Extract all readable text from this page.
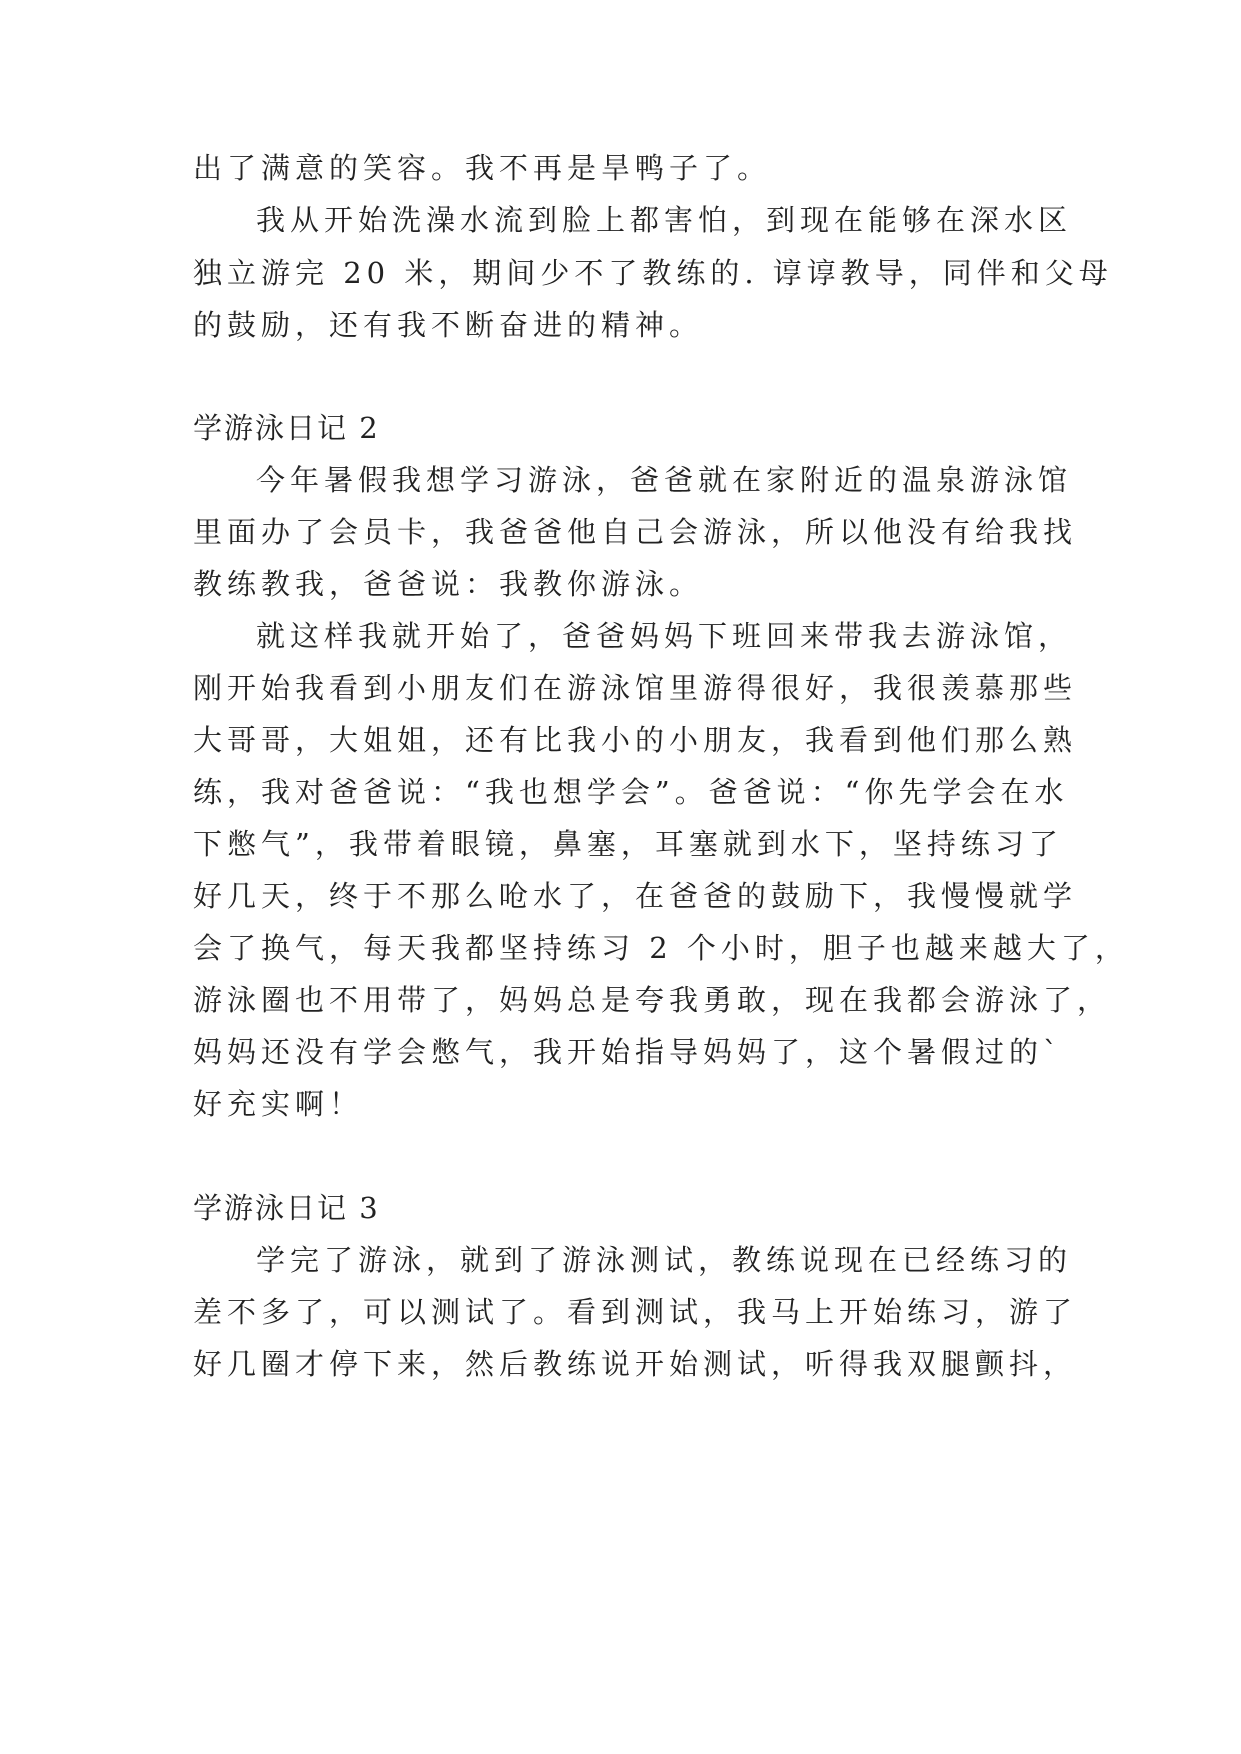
出了满意的笑容。我不再是旱鸭子了。
我从开始洗澡水流到脸上都害怕，到现在能够在深水区
独立游完 20 米，期间少不了教练的. 谆谆教导，同伴和父母
的鼓励，还有我不断奋进的精神。
学游泳日记 2
今年暑假我想学习游泳，爸爸就在家附近的温泉游泳馆
里面办了会员卡，我爸爸他自己会游泳，所以他没有给我找
教练教我，爸爸说：我教你游泳。
就这样我就开始了，爸爸妈妈下班回来带我去游泳馆，
刚开始我看到小朋友们在游泳馆里游得很好，我很羡慕那些
大哥哥，大姐姐，还有比我小的小朋友，我看到他们那么熟
练，我对爸爸说：“我也想学会”。爸爸说：“你先学会在水
下憋气”，我带着眼镜，鼻塞，耳塞就到水下，坚持练习了
好几天，终于不那么呛水了，在爸爸的鼓励下，我慢慢就学
会了换气，每天我都坚持练习 2 个小时，胆子也越来越大了，
游泳圈也不用带了，妈妈总是夸我勇敢，现在我都会游泳了，
妈妈还没有学会憋气，我开始指导妈妈了，这个暑假过的`
好充实啊！
学游泳日记 3
学完了游泳，就到了游泳测试，教练说现在已经练习的
差不多了，可以测试了。看到测试，我马上开始练习，游了
好几圈才停下来，然后教练说开始测试，听得我双腿颤抖，
